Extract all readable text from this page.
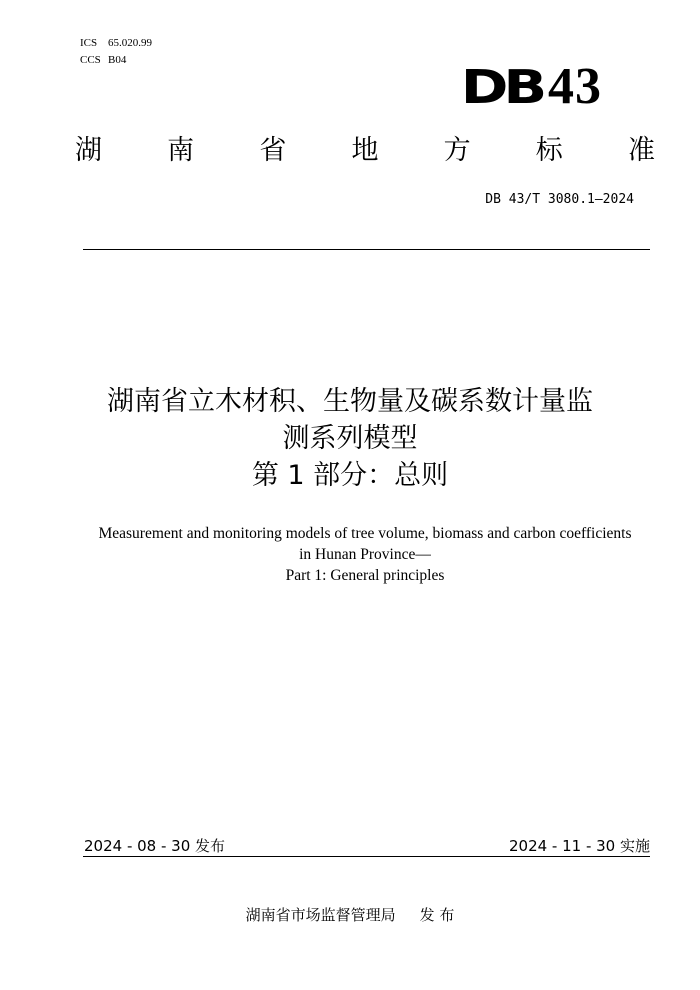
ICS 65.020.99
CCS B04	DB 43
湖 南 省 地 方 标 准
DB 43/T 3080.1—2024
湖南省立木材积、生物量及碳系数计量监
测系列模型
第 1 部分：总则
Measurement and monitoring models of tree volume, biomass and carbon coefficients
in Hunan Province—
Part 1: General principles
2024 - 08 - 30 发布	2024 - 11 - 30 实施
湖南省市场监督管理局 发 布
